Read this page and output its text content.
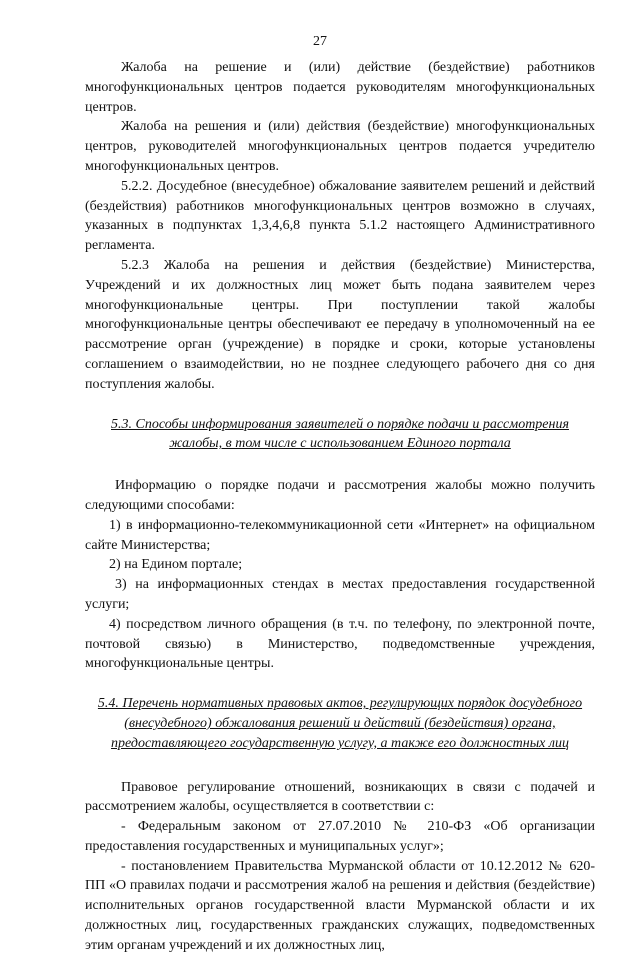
27

Жалоба на решение и (или) действие (бездействие) работников многофункциональных центров подается руководителям многофункциональных центров.

Жалоба на решения и (или) действия (бездействие) многофункциональных центров, руководителей многофункциональных центров подается учредителю многофункциональных центров.

5.2.2. Досудебное (внесудебное) обжалование заявителем решений и действий (бездействия) работников многофункциональных центров возможно в случаях, указанных в подпунктах 1,3,4,6,8 пункта 5.1.2 настоящего Административного регламента.

5.2.3 Жалоба на решения и действия (бездействие) Министерства, Учреждений и их должностных лиц может быть подана заявителем через многофункциональные центры. При поступлении такой жалобы многофункциональные центры обеспечивают ее передачу в уполномоченный на ее рассмотрение орган (учреждение) в порядке и сроки, которые установлены соглашением о взаимодействии, но не позднее следующего рабочего дня со дня поступления жалобы.

5.3. Способы информирования заявителей о порядке подачи и рассмотрения жалобы, в том числе с использованием Единого портала

Информацию о порядке подачи и рассмотрения жалобы можно получить следующими способами:

1) в информационно-телекоммуникационной сети «Интернет» на официальном сайте Министерства;

2) на Едином портале;

3) на информационных стендах в местах предоставления государственной услуги;

4) посредством личного обращения (в т.ч. по телефону, по электронной почте, почтовой связью) в Министерство, подведомственные учреждения, многофункциональные центры.

5.4. Перечень нормативных правовых актов, регулирующих порядок досудебного (внесудебного) обжалования решений и действий (бездействия) органа, предоставляющего государственную услугу, а также его должностных лиц

Правовое регулирование отношений, возникающих в связи с подачей и рассмотрением жалобы, осуществляется в соответствии с:

- Федеральным законом от 27.07.2010 № 210-ФЗ «Об организации предоставления государственных и муниципальных услуг»;

- постановлением Правительства Мурманской области от 10.12.2012 № 620-ПП «О правилах подачи и рассмотрения жалоб на решения и действия (бездействие) исполнительных органов государственной власти Мурманской области и их должностных лиц, государственных гражданских служащих, подведомственных этим органам учреждений и их должностных лиц,
